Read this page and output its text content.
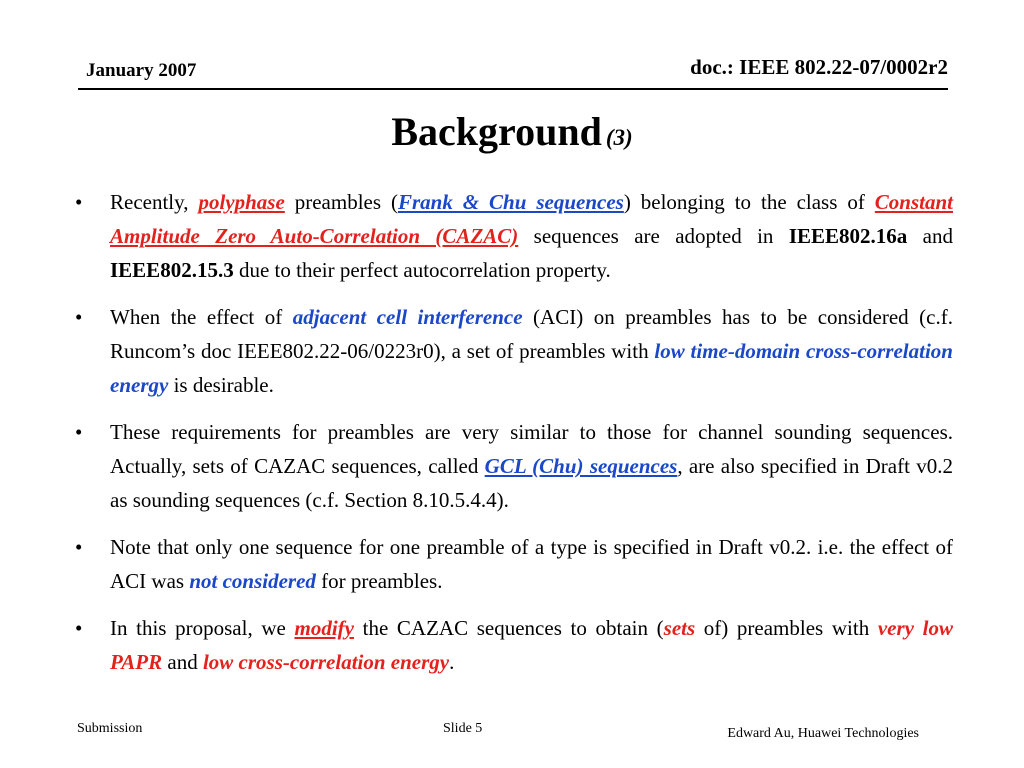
January 2007	doc.: IEEE 802.22-07/0002r2
Background (3)
•	Recently, polyphase preambles (Frank & Chu sequences) belonging to the class of Constant Amplitude Zero Auto-Correlation (CAZAC) sequences are adopted in IEEE802.16a and IEEE802.15.3 due to their perfect autocorrelation property.
•	When the effect of adjacent cell interference (ACI) on preambles has to be considered (c.f. Runcom’s doc IEEE802.22-06/0223r0), a set of preambles with low time-domain cross-correlation energy is desirable.
•	These requirements for preambles are very similar to those for channel sounding sequences. Actually, sets of CAZAC sequences, called GCL (Chu) sequences, are also specified in Draft v0.2 as sounding sequences (c.f. Section 8.10.5.4.4).
•	Note that only one sequence for one preamble of a type is specified in Draft v0.2. i.e. the effect of ACI was not considered for preambles.
•	In this proposal, we modify the CAZAC sequences to obtain (sets of) preambles with very low PAPR and low cross-correlation energy.
Submission	Slide 5	Edward Au, Huawei Technologies
